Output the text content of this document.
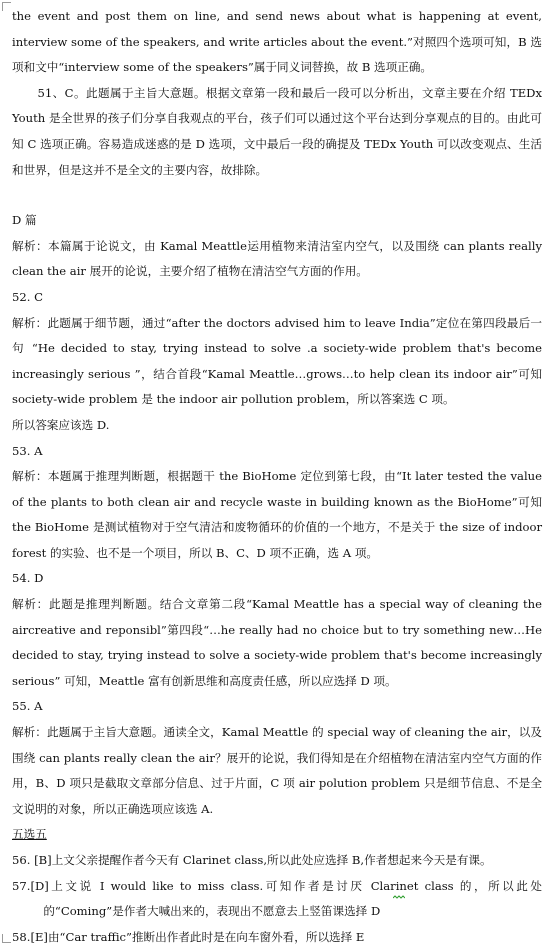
the event and post them on line, and send news about what is happening at event, interview some of the speakers, and write articles about the event.”对照四个选项可知，B 选项和文中“interview some of the speakers”属于同义词替换，故 B 选项正确。

51、C。此题属于主旨大意题。根据文章第一段和最后一段可以分析出，文章主要在介绍 TEDx Youth 是全世界的孩子们分享自我观点的平台，孩子们可以通过这个平台达到分享观点的目的。由此可知 C 选项正确。容易造成迷惑的是 D 选项，文中最后一段的确提及 TEDx Youth 可以改变观点、生活和世界，但是这并不是全文的主要内容，故排除。

D 篇

解析：本篇属于论说文，由 Kamal Meattle运用植物来清洁室内空气，以及围绕 can plants really clean the air 展开的论说，主要介绍了植物在清洁空气方面的作用。

52. C

解析：此题属于细节题，通过“after the doctors advised him to leave India”定位在第四段最后一句 “He decided to stay, trying instead to solve .a society-wide problem that's become increasingly serious ”，结合首段“Kamal Meattle…grows…to help clean its indoor air”可知 society-wide problem 是 the indoor air pollution problem，所以答案选 C 项。

所以答案应该选 D.

53. A

解析：本题属于推理判断题，根据题干 the BioHome 定位到第七段，由“It later tested the value of the plants to both clean air and recycle waste in building known as the BioHome”可知 the BioHome 是测试植物对于空气清洁和废物循环的价值的一个地方，不是关于 the size of indoor forest 的实验、也不是一个项目，所以 B、C、D 项不正确，选 A 项。

54. D

解析：此题是推理判断题。结合文章第二段“Kamal Meattle has a special way of cleaning the aircreative and reponsibl”第四段“…he really had no choice but to try something new…He decided to stay, trying instead to solve a society-wide problem that's become increasingly serious” 可知，Meattle 富有创新思维和高度责任感，所以应选择 D 项。

55. A

解析：此题属于主旨大意题。通读全文，Kamal Meattle 的 special way of cleaning the air，以及围绕 can plants really clean the air？展开的论说，我们得知是在介绍植物在清洁室内空气方面的作用，B、D 项只是截取文章部分信息、过于片面，C 项 air polution problem 只是细节信息、不是全文说明的对象，所以正确选项应该选 A.

五选五

56. [B]上文父亲提醒作者今天有 Clarinet class,所以此处应选择 B,作者想起来今天是有课。

57.[D]上文说 I would like to miss class.可知作者是讨厌 Clarinet class 的，所以此处的“Coming”是作者大喊出来的，表现出不愿意去上竖笛课选择 D

58.[E]由“Car traffic”推断出作者此时是在向车窗外看，所以选择 E
